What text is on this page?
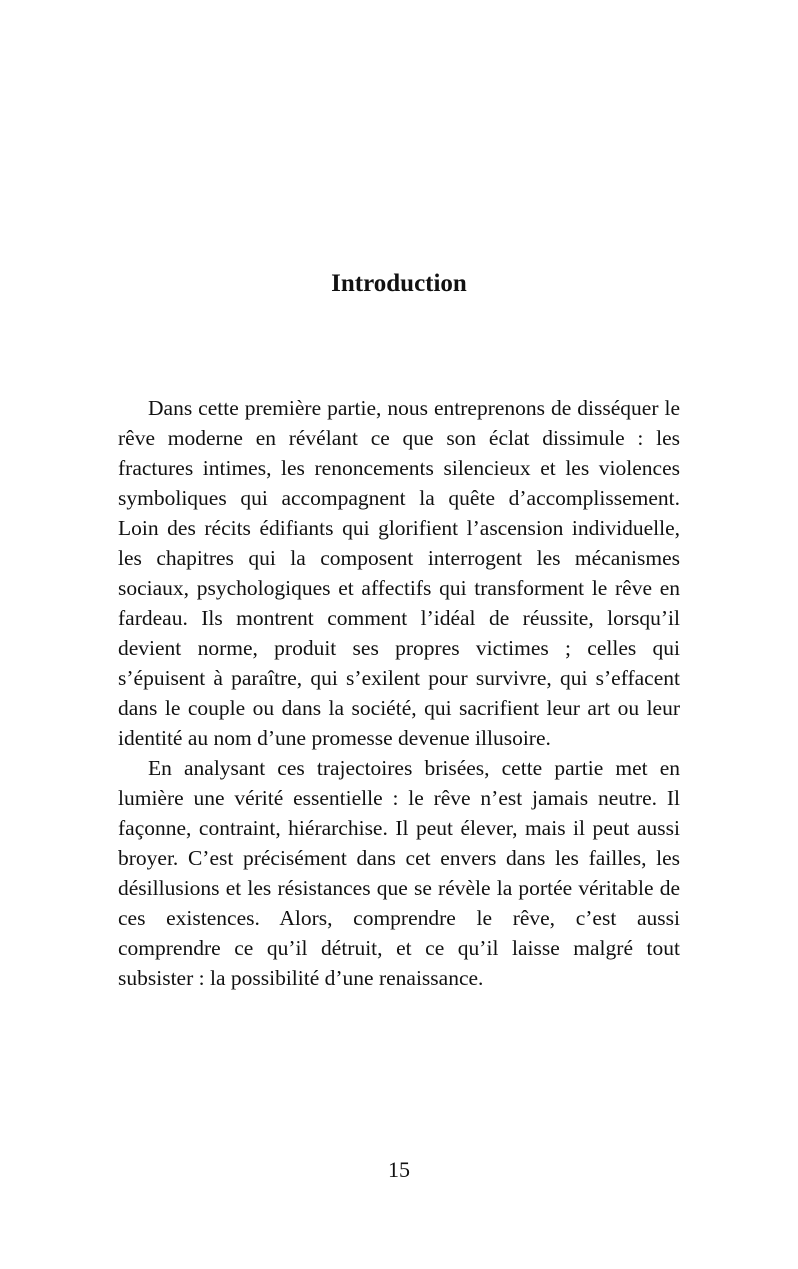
Introduction

Dans cette première partie, nous entreprenons de disséquer le rêve moderne en révélant ce que son éclat dissimule : les fractures intimes, les renoncements silencieux et les violences symboliques qui accompagnent la quête d’accomplissement. Loin des récits édifiants qui glorifient l’ascension individuelle, les chapitres qui la composent interrogent les mécanismes sociaux, psychologiques et affectifs qui transforment le rêve en fardeau. Ils montrent comment l’idéal de réussite, lorsqu’il devient norme, produit ses propres victimes ; celles qui s’épuisent à paraître, qui s’exilent pour survivre, qui s’effacent dans le couple ou dans la société, qui sacrifient leur art ou leur identité au nom d’une promesse devenue illusoire.

En analysant ces trajectoires brisées, cette partie met en lumière une vérité essentielle : le rêve n’est jamais neutre. Il façonne, contraint, hiérarchise. Il peut élever, mais il peut aussi broyer. C’est précisément dans cet envers dans les failles, les désillusions et les résistances que se révèle la portée véritable de ces existences. Alors, comprendre le rêve, c’est aussi comprendre ce qu’il détruit, et ce qu’il laisse malgré tout subsister : la possibilité d’une renaissance.

15
